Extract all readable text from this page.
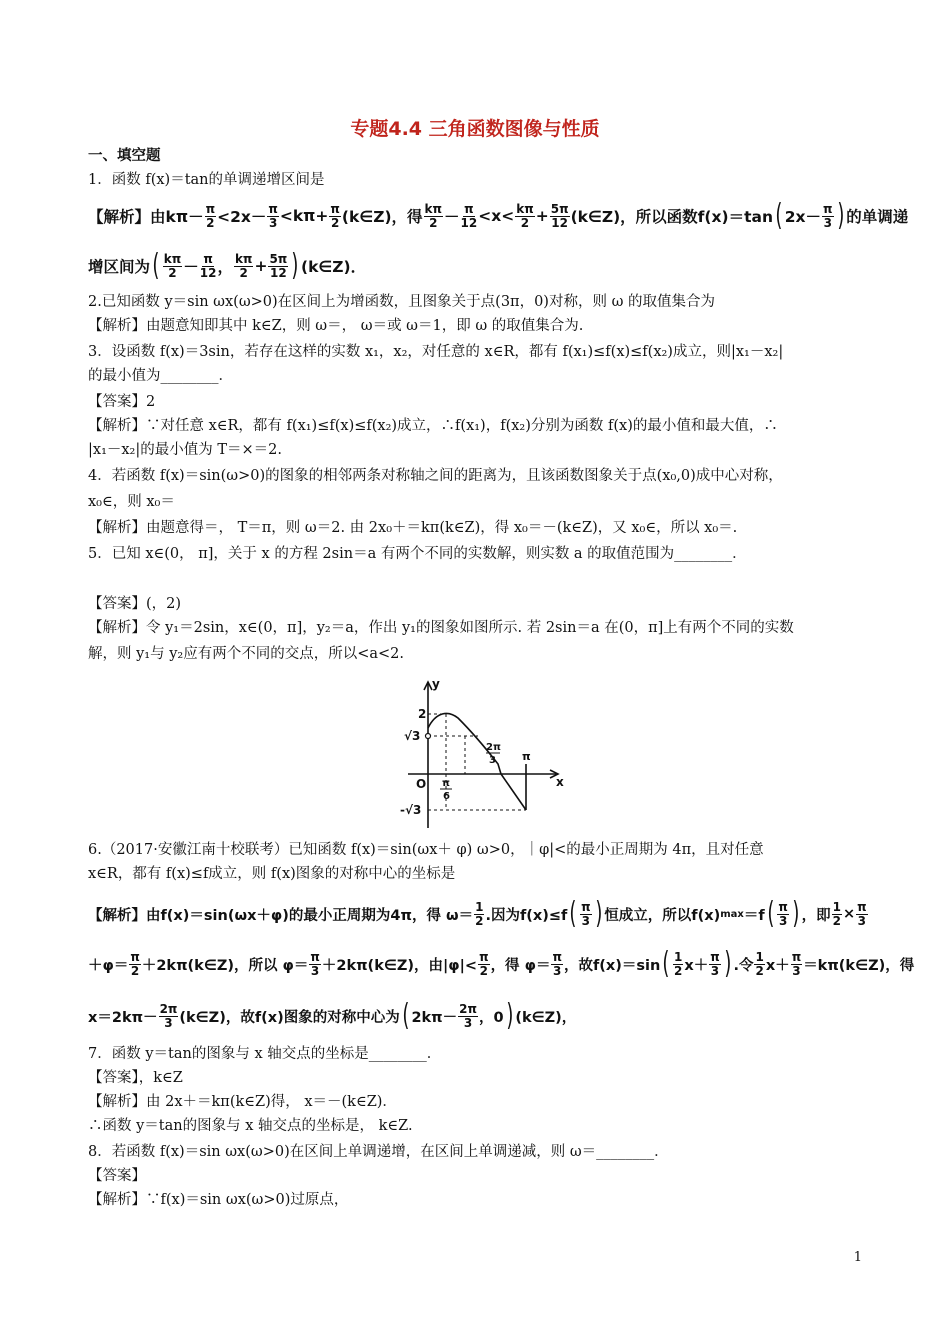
专题4.4 三角函数图像与性质
一、填空题
1．函数 f(x)＝tan的单调递增区间是
【解析】由 $k\pi- \frac{\pi}{2} <2x- \frac{\pi}{3} <k\pi+ \frac{\pi}{2}$ (k∈Z)，得 $\frac{k\pi}{2} - \frac{\pi}{12} <x< \frac{k\pi}{2} + \frac{5\pi}{12}$ (k∈Z)，所以函数f(x)＝tan ( $2x- \frac{\pi}{3}$ ) 的单调递
增区间为 ( $\frac{k\pi}{2} - \frac{\pi}{12}$ ， $\frac{k\pi}{2} + \frac{5\pi}{12}$ ) (k∈Z)．
2.已知函数 y＝sin ωx(ω>0)在区间上为增函数，且图象关于点(3π，0)对称，则 ω 的取值集合为
【解析】由题意知即其中 k∈Z，则 ω＝， ω＝或 ω＝1，即 ω 的取值集合为.
3．设函数 f(x)＝3sin，若存在这样的实数 x₁，x₂，对任意的 x∈R，都有 f(x₁)≤f(x)≤f(x₂)成立，则|x₁－x₂|
的最小值为________．
【答案】2
【解析】∵对任意 x∈R，都有 f(x₁)≤f(x)≤f(x₂)成立，∴f(x₁)，f(x₂)分别为函数 f(x)的最小值和最大值，∴
|x₁－x₂|的最小值为 T＝×＝2.
4．若函数 f(x)＝sin(ω>0)的图象的相邻两条对称轴之间的距离为，且该函数图象关于点(x₀,0)成中心对称，
x₀∈，则 x₀＝
【解析】由题意得＝， T＝π，则 ω＝2. 由 2x₀＋＝kπ(k∈Z)，得 x₀＝－(k∈Z)，又 x₀∈，所以 x₀＝.
5．已知 x∈(0， π]，关于 x 的方程 2sin＝a 有两个不同的实数解，则实数 a 的取值范围为________．
【答案】(，2)
【解析】令 y₁＝2sin，x∈(0，π]，y₂＝a，作出 y₁的图象如图所示. 若 2sin＝a 在(0，π]上有两个不同的实数
解，则 y₁与 y₂应有两个不同的交点，所以<a<2.
y
x
O
2
√3
-√3
π
6
2π
3 π
6.（2017·安徽江南十校联考）已知函数 f(x)＝sin(ωx＋ φ) ω>0，｜φ|<的最小正周期为 4π，且对任意
x∈R，都有 f(x)≤f成立，则 f(x)图象的对称中心的坐标是
【解析】由f(x)＝sin(ωx＋φ)的最小正周期为4π，得 $\omega= \frac{1}{2}$ .因为f(x)≤f ( $\frac{\pi}{3}$ ) 恒成立，所以f(x) max ＝f ( $\frac{\pi}{3}$ ) ，即 $\frac{1}{2} \times \frac{\pi}{3}$
$+\varphi= \frac{\pi}{2}$ ＋2kπ(k∈Z)，所以 $\varphi= \frac{\pi}{3}$ ＋2kπ(k∈Z)，由$|\varphi|< \frac{\pi}{2}$ ，得 $\varphi= \frac{\pi}{3}$ ，故f(x)＝sin ( $\frac{1}{2} x+ \frac{\pi}{3}$ ) .令 $\frac{1}{2} x+ \frac{\pi}{3}$ ＝kπ(k∈Z)，得
$x=2k\pi- \frac{2\pi}{3}$ (k∈Z)，故f(x)图象的对称中心为 ( $2k\pi- \frac{2\pi}{3}$ ，0 ) (k∈Z)，
7．函数 y＝tan的图象与 x 轴交点的坐标是________．
【答案】，k∈Z
【解析】由 2x＋＝kπ(k∈Z)得， x＝－(k∈Z)．
∴函数 y＝tan的图象与 x 轴交点的坐标是， k∈Z.
8．若函数 f(x)＝sin ωx(ω>0)在区间上单调递增，在区间上单调递减，则 ω＝________．
【答案】
【解析】∵f(x)＝sin ωx(ω>0)过原点，
1
